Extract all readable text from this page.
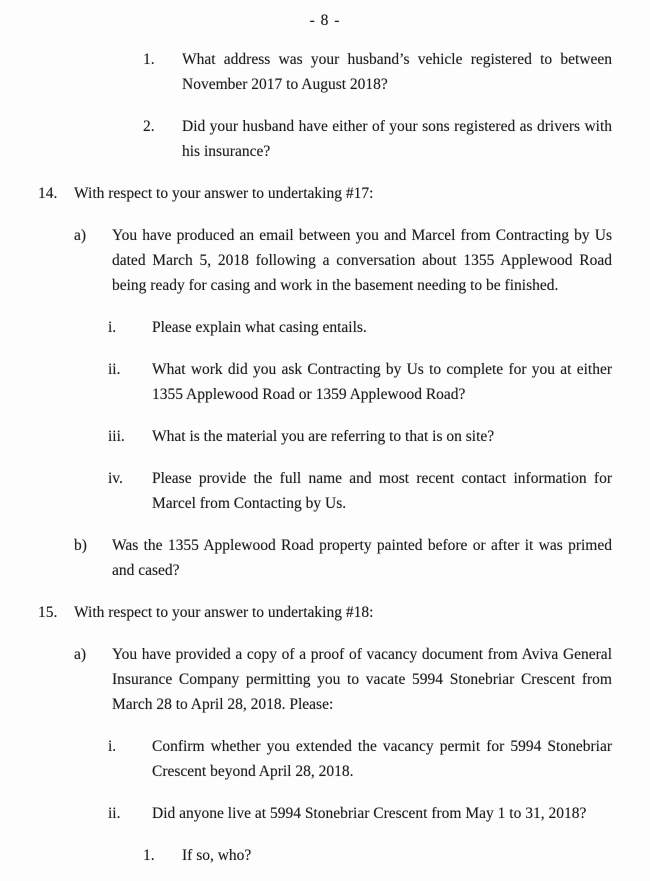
- 8 -
1. What address was your husband’s vehicle registered to between November 2017 to August 2018?

2. Did your husband have either of your sons registered as drivers with his insurance?

14. With respect to your answer to undertaking #17:

a) You have produced an email between you and Marcel from Contracting by Us dated March 5, 2018 following a conversation about 1355 Applewood Road being ready for casing and work in the basement needing to be finished.

i. Please explain what casing entails.

ii. What work did you ask Contracting by Us to complete for you at either 1355 Applewood Road or 1359 Applewood Road?

iii. What is the material you are referring to that is on site?

iv. Please provide the full name and most recent contact information for Marcel from Contacting by Us.

b) Was the 1355 Applewood Road property painted before or after it was primed and cased?

15. With respect to your answer to undertaking #18:

a) You have provided a copy of a proof of vacancy document from Aviva General Insurance Company permitting you to vacate 5994 Stonebriar Crescent from March 28 to April 28, 2018. Please:

i. Confirm whether you extended the vacancy permit for 5994 Stonebriar Crescent beyond April 28, 2018.

ii. Did anyone live at 5994 Stonebriar Crescent from May 1 to 31, 2018?

1. If so, who?
